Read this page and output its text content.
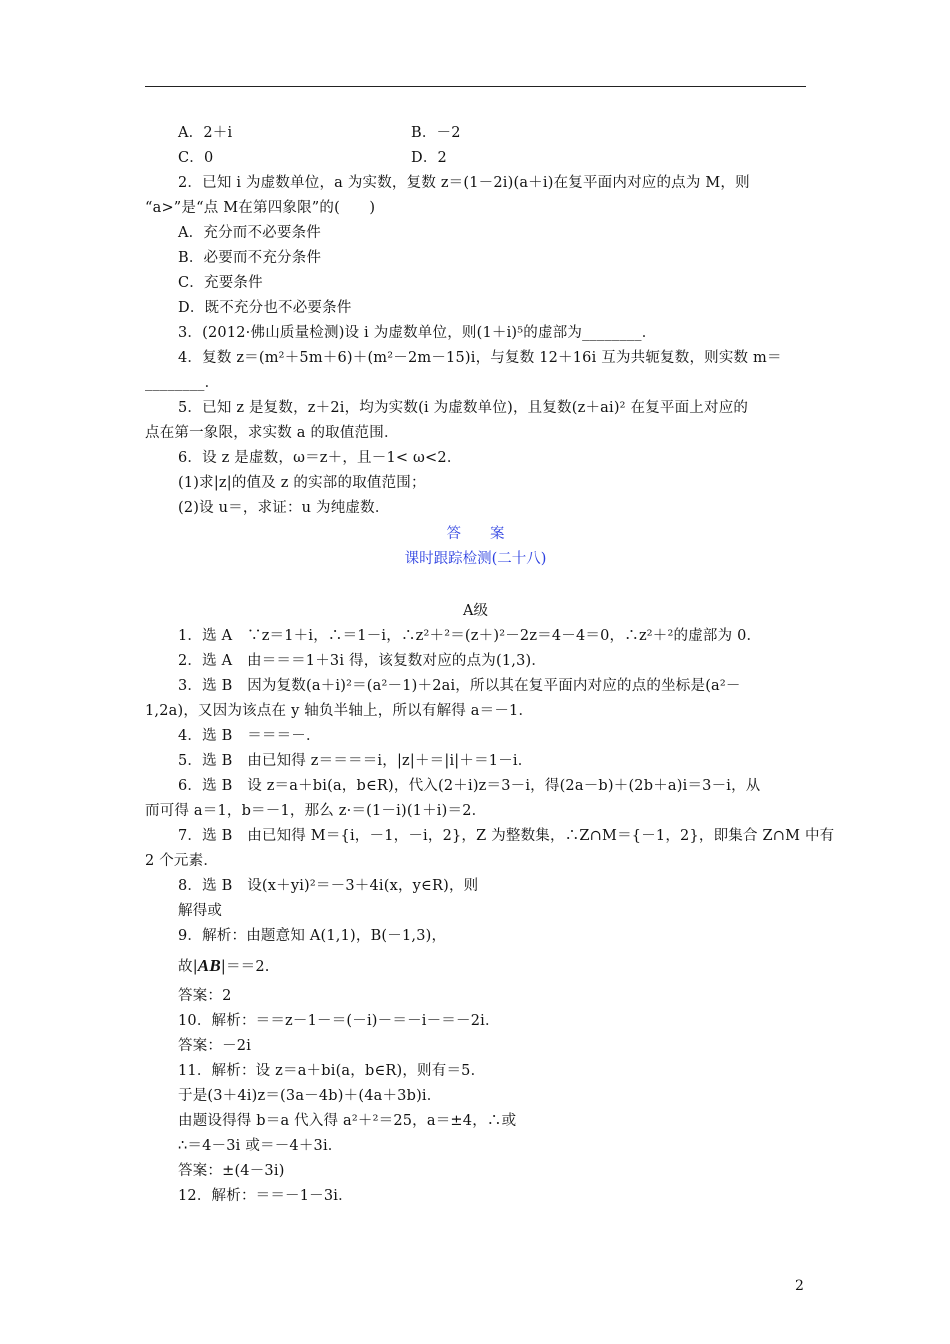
A．2＋i	B．－2
C．0	D．2
2．已知 i 为虚数单位，a 为实数，复数 z＝(1－2i)(a＋i)在复平面内对应的点为 M，则
“a>”是“点 M在第四象限”的(　　)
A．充分而不必要条件
B．必要而不充分条件
C．充要条件
D．既不充分也不必要条件
3．(2012·佛山质量检测)设 i 为虚数单位，则(1＋i)⁵的虚部为________．
4．复数 z＝(m²＋5m＋6)＋(m²－2m－15)i，与复数 12＋16i 互为共轭复数，则实数 m＝
________．
5．已知 z 是复数，z＋2i，均为实数(i 为虚数单位)，且复数(z＋ai)² 在复平面上对应的
点在第一象限，求实数 a 的取值范围．
6．设 z 是虚数，ω＝z＋，且－1< ω<2．
(1)求|z|的值及 z 的实部的取值范围；
(2)设 u＝，求证：u 为纯虚数．
答　　案
课时跟踪检测(二十八)
A级
1．选 A　∵z＝1＋i，∴＝1－i，∴z²＋²＝(z＋)²－2z＝4－4＝0，∴z²＋²的虚部为 0．
2．选 A　由＝＝＝1＋3i 得，该复数对应的点为(1,3)．
3．选 B　因为复数(a＋i)²＝(a²－1)＋2ai，所以其在复平面内对应的点的坐标是(a²－
1,2a)，又因为该点在 y 轴负半轴上，所以有解得 a＝－1．
4．选 B　＝＝＝－．
5．选 B　由已知得 z＝＝＝＝i，|z|＋＝|i|＋＝1－i．
6．选 B　设 z＝a＋bi(a，b∈R)，代入(2＋i)z＝3－i，得(2a－b)＋(2b＋a)i＝3－i，从
而可得 a＝1，b＝－1，那么 z·＝(1－i)(1＋i)＝2．
7．选 B　由已知得 M＝{i，－1，－i，2}，Z 为整数集，∴Z∩M＝{－1，2}，即集合 Z∩M 中有
2 个元素．
8．选 B　设(x＋yi)²＝－3＋4i(x，y∈R)，则
解得或
9．解析：由题意知 A(1,1)，B(－1,3)，
故|AB|＝＝2.
答案：2
10．解析：＝＝z－1－＝(－i)－＝－i－＝－2i．
答案：－2i
11．解析：设 z＝a＋bi(a，b∈R)，则有＝5．
于是(3＋4i)z＝(3a－4b)＋(4a＋3b)i．
由题设得得 b＝a 代入得 a²＋²＝25，a＝±4，∴或
∴＝4－3i 或＝－4＋3i．
答案：±(4－3i)
12．解析：＝＝－1－3i．
2
